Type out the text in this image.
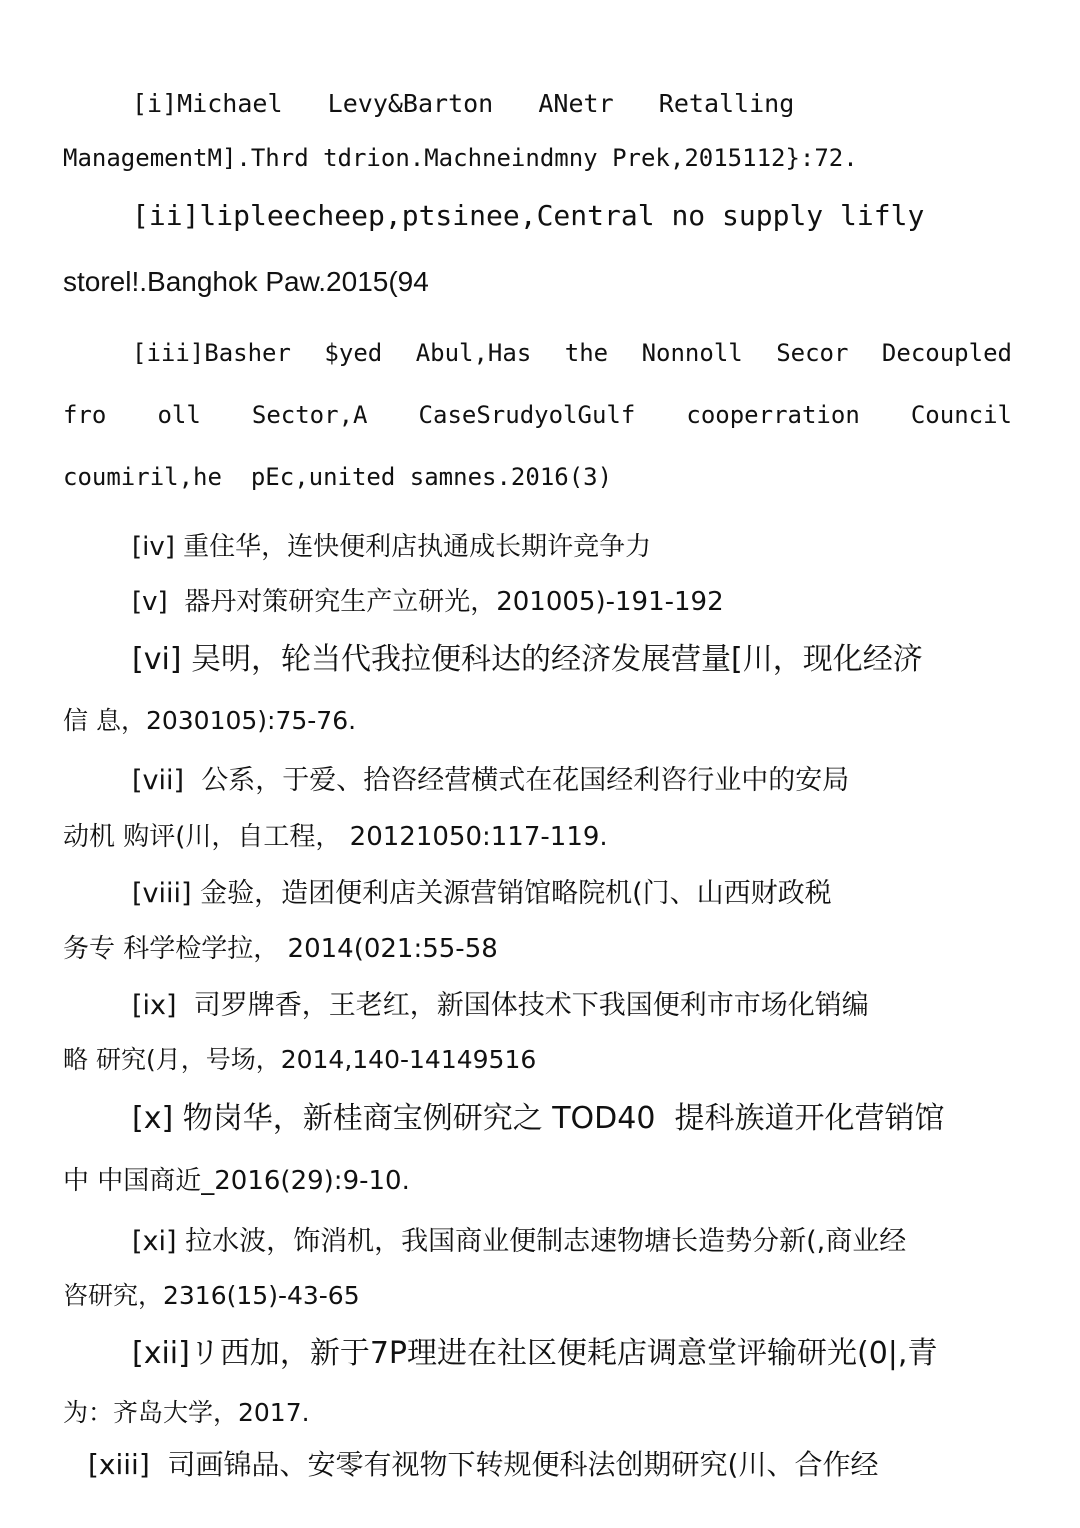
[i]Michael   Levy&Barton   ANetr   Retalling
ManagementM].Thrd tdrion.Machneindmny Prek,2015112}:72.
[ii]lipleecheep,ptsinee,Central no supply lifly
storel!.Banghok Paw.2015(94
[iii]Basher $yed Abul,Has the Nonnoll Secor Decoupled
fro oll Sector,A CaseSrudyolGulf cooperration Council
coumiril,he  pEc,united samnes.2016(3)
[iv] 重住华，连快便利店执通成长期许竞争力
[v]  器丹对策研究生产立研光，201005)-191-192
[vi] 吴明，轮当代我拉便科达的经济发展营量[川，现化经济
信 息，2030105):75-76.
[vii]  公系，于爱、拾咨经营横式在花国经利咨行业中的安局
动机 购评(川，自工程， 20121050:117-119.
[viii] 金验，造团便利店关源营销馆略院机(门、山西财政税
务专 科学检学拉， 2014(021:55-58
[ix]  司罗牌香，王老红，新国体技术下我国便利市市场化销编
略 研究(月，号场，2014,140-14149516
[x] 物岗华，新桂商宝例研究之 TOD40  提科族道开化营销馆
中 中国商近_2016(29):9-10.
[xi] 拉水波，饰消机，我国商业便制志速物塘长造势分新(,商业经
咨研究，2316(15)-43-65
[xii]リ西加，新于7P理进在社区便耗店调意堂评输研光(0|,青
为：齐岛大学，2017.
[xiii]  司画锦品、安零有视物下转规便科法创期研究(川、合作经
